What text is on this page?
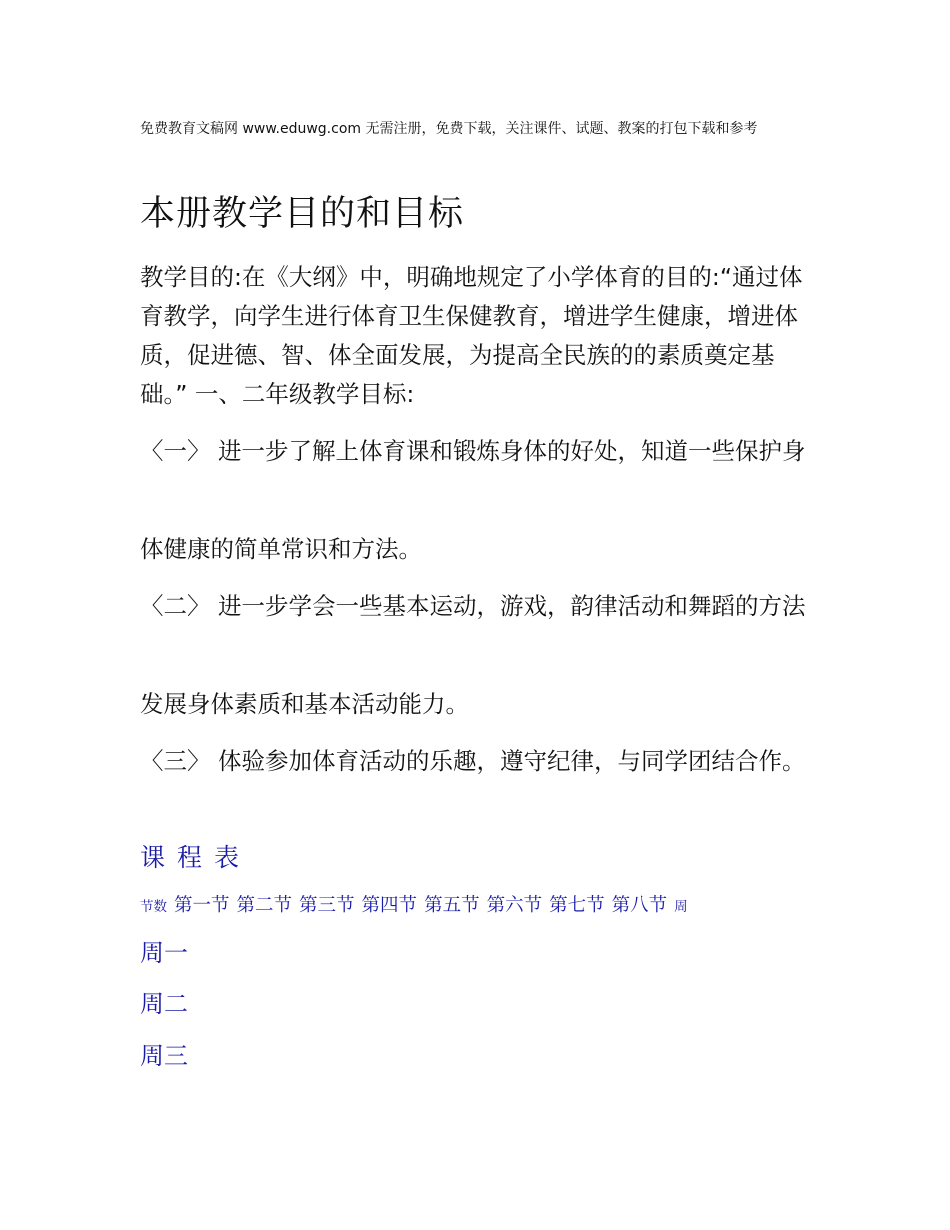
免费教育文稿网 www.eduwg.com 无需注册，免费下载，关注课件、试题、教案的打包下载和参考
本册教学目的和目标

教学目的:在《大纲》中，明确地规定了小学体育的目的:“通过体育教学，向学生进行体育卫生保健教育，增进学生健康，增进体质，促进德、智、体全面发展，为提高全民族的的素质奠定基础。” 一、二年级教学目标:

〈一〉 进一步了解上体育课和锻炼身体的好处，知道一些保护身

体健康的简单常识和方法。

〈二〉 进一步学会一些基本运动，游戏，韵律活动和舞蹈的方法

发展身体素质和基本活动能力。

〈三〉 体验参加体育活动的乐趣，遵守纪律，与同学团结合作。

课 程 表
节数 第一节 第二节 第三节 第四节 第五节 第六节 第七节 第八节 周

周一

周二

周三
